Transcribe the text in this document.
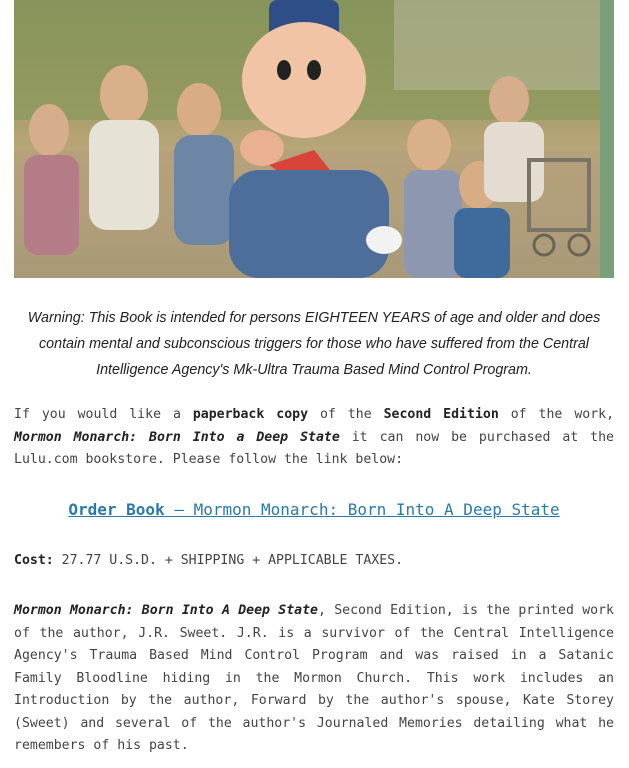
Warning: This Book is intended for persons EIGHTEEN YEARS of age and older and does contain mental and subconscious triggers for those who have suffered from the Central Intelligence Agency's Mk-Ultra Trauma Based Mind Control Program.
If you would like a paperback copy of the Second Edition of the work, Mormon Monarch: Born Into a Deep State it can now be purchased at the Lulu.com bookstore. Please follow the link below:
Order Book – Mormon Monarch: Born Into A Deep State
Cost: 27.77 U.S.D. + SHIPPING + APPLICABLE TAXES.
Mormon Monarch: Born Into A Deep State, Second Edition, is the printed work of the author, J.R. Sweet. J.R. is a survivor of the Central Intelligence Agency's Trauma Based Mind Control Program and was raised in a Satanic Family Bloodline hiding in the Mormon Church. This work includes an Introduction by the author, Forward by the author's spouse, Kate Storey (Sweet) and several of the author's Journaled Memories detailing what he remembers of his past.
